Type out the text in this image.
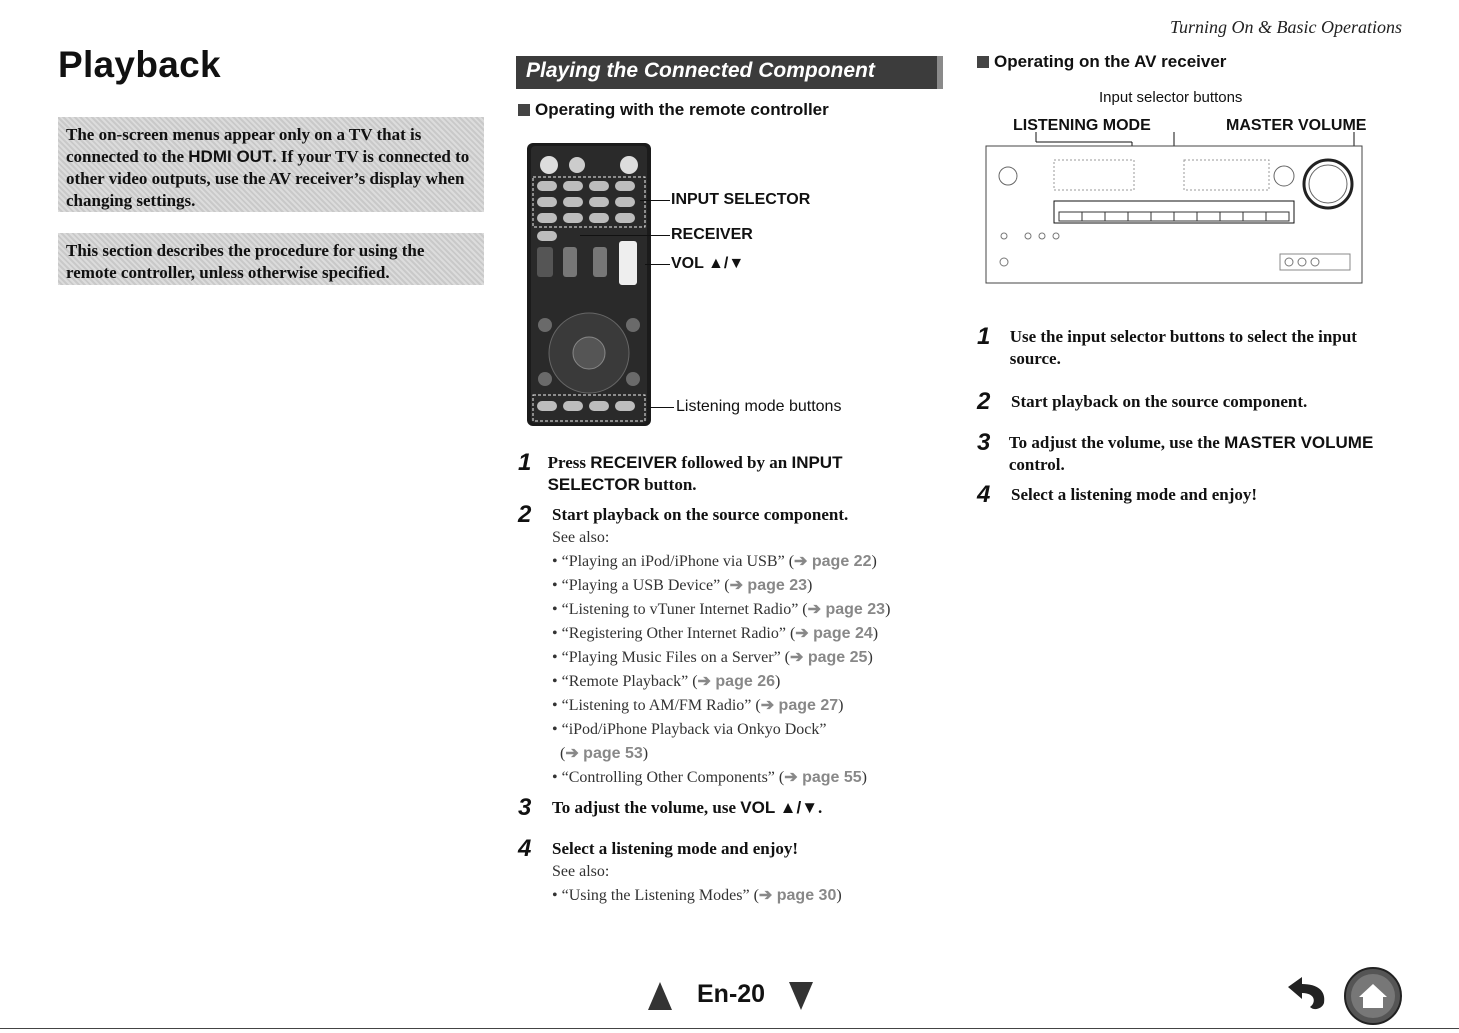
Turning On & Basic Operations
Playback
The on-screen menus appear only on a TV that is connected to the HDMI OUT. If your TV is connected to other video outputs, use the AV receiver’s display when changing settings.
This section describes the procedure for using the remote controller, unless otherwise specified.
Playing the Connected Component
Operating with the remote controller
INPUT SELECTOR
RECEIVER
VOL ▲/▼
Listening mode buttons
1 Press RECEIVER followed by an INPUT SELECTOR button.
2	Start playback on the source component.
See also:
• “Playing an iPod/iPhone via USB” (➔ page 22)
• “Playing a USB Device” (➔ page 23)
• “Listening to vTuner Internet Radio” (➔ page 23)
• “Registering Other Internet Radio” (➔ page 24)
• “Playing Music Files on a Server” (➔ page 25)
• “Remote Playback” (➔ page 26)
• “Listening to AM/FM Radio” (➔ page 27)
• “iPod/iPhone Playback via Onkyo Dock”
(➔ page 53)
• “Controlling Other Components” (➔ page 55)
3	To adjust the volume, use VOL ▲/▼.
4	Select a listening mode and enjoy!
See also:
• “Using the Listening Modes” (➔ page 30)
Operating on the AV receiver
Input selector buttons
LISTENING MODE	MASTER VOLUME
1	Use the input selector buttons to select the input source.
2	Start playback on the source component.
3	To adjust the volume, use the MASTER VOLUME control.
4	Select a listening mode and enjoy!
En-20
